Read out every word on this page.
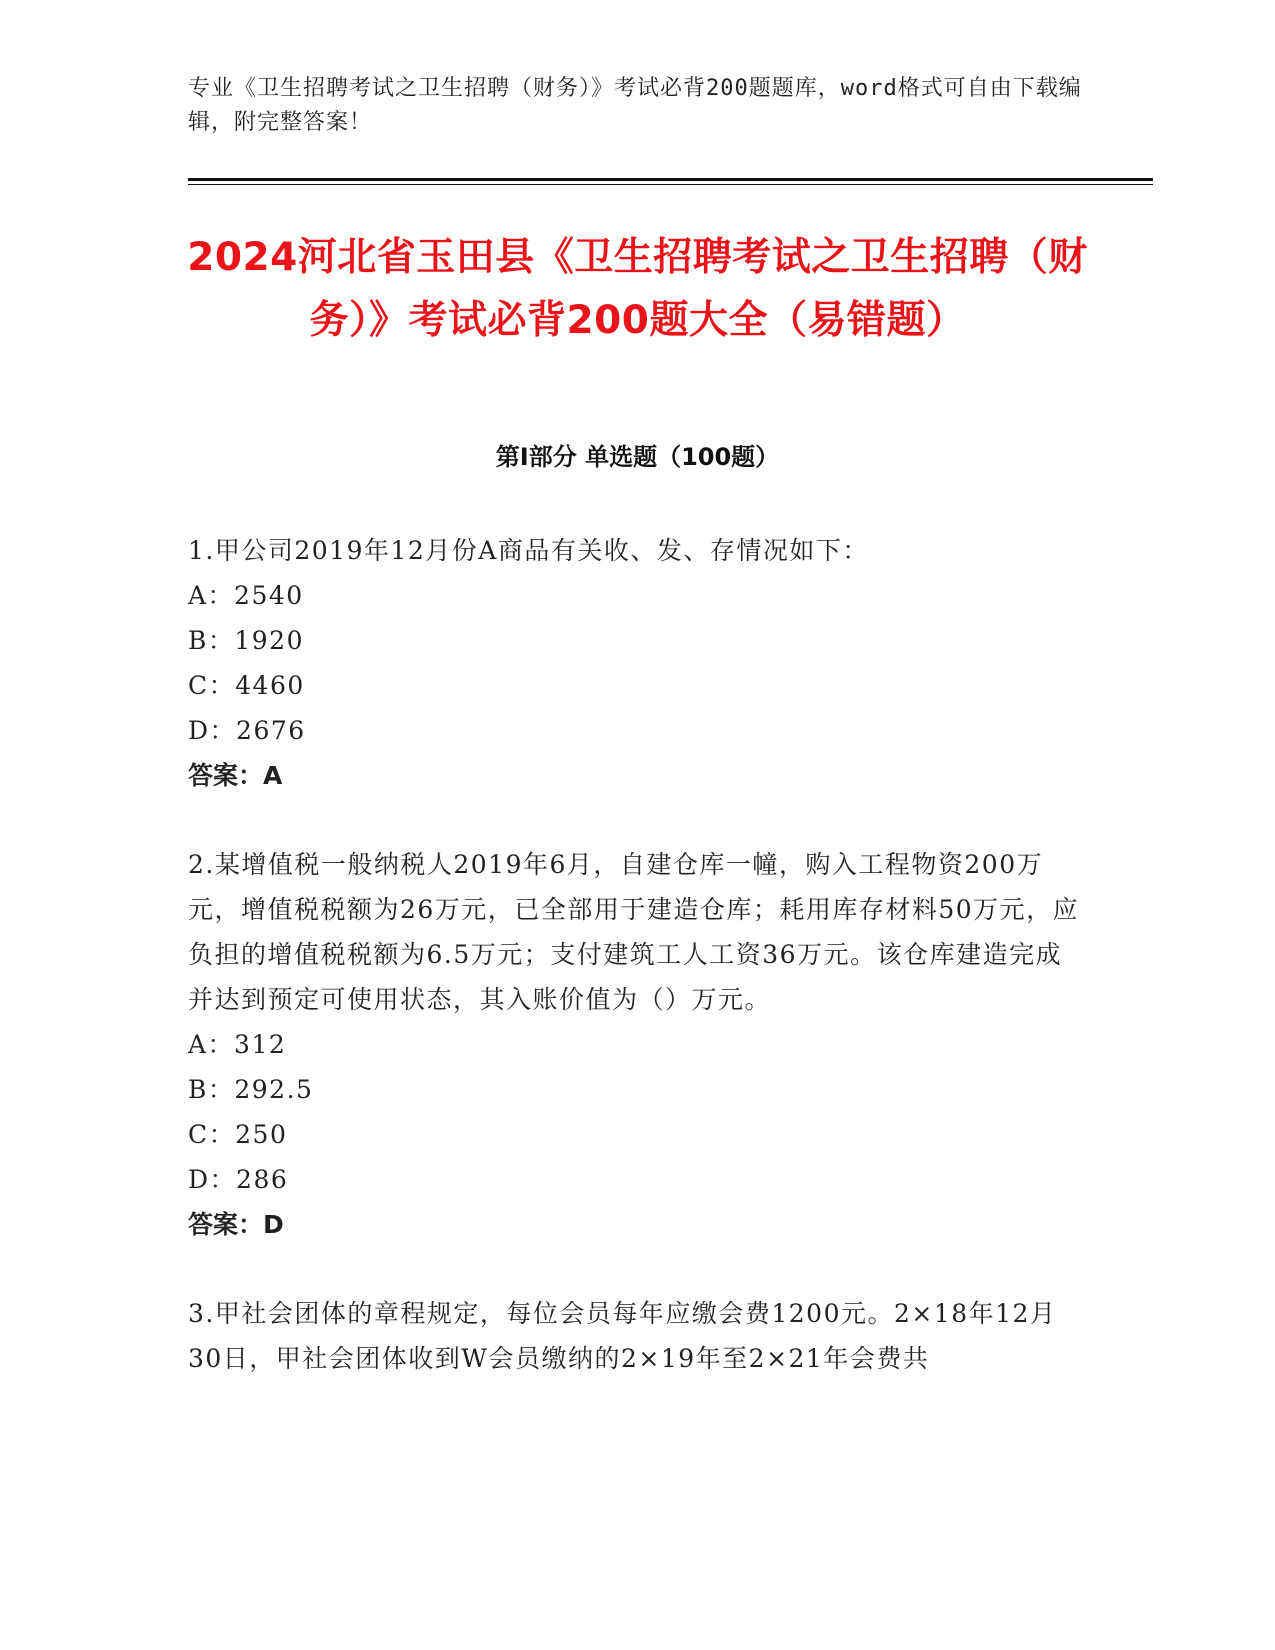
专业《卫生招聘考试之卫生招聘（财务）》考试必背200题题库，word格式可自由下载编辑，附完整答案！
2024河北省玉田县《卫生招聘考试之卫生招聘（财务）》考试必背200题大全（易错题）
第I部分 单选题（100题）

1.甲公司2019年12月份A商品有关收、发、存情况如下：

A：2540

B：1920

C：4460

D：2676

答案：A

2.某增值税一般纳税人2019年6月，自建仓库一幢，购入工程物资200万元，增值税税额为26万元，已全部用于建造仓库；耗用库存材料50万元，应负担的增值税税额为6.5万元；支付建筑工人工资36万元。该仓库建造完成并达到预定可使用状态，其入账价值为（）万元。

A：312

B：292.5

C：250

D：286

答案：D

3.甲社会团体的章程规定，每位会员每年应缴会费1200元。2×18年12月30日，甲社会团体收到W会员缴纳的2×19年至2×21年会费共
